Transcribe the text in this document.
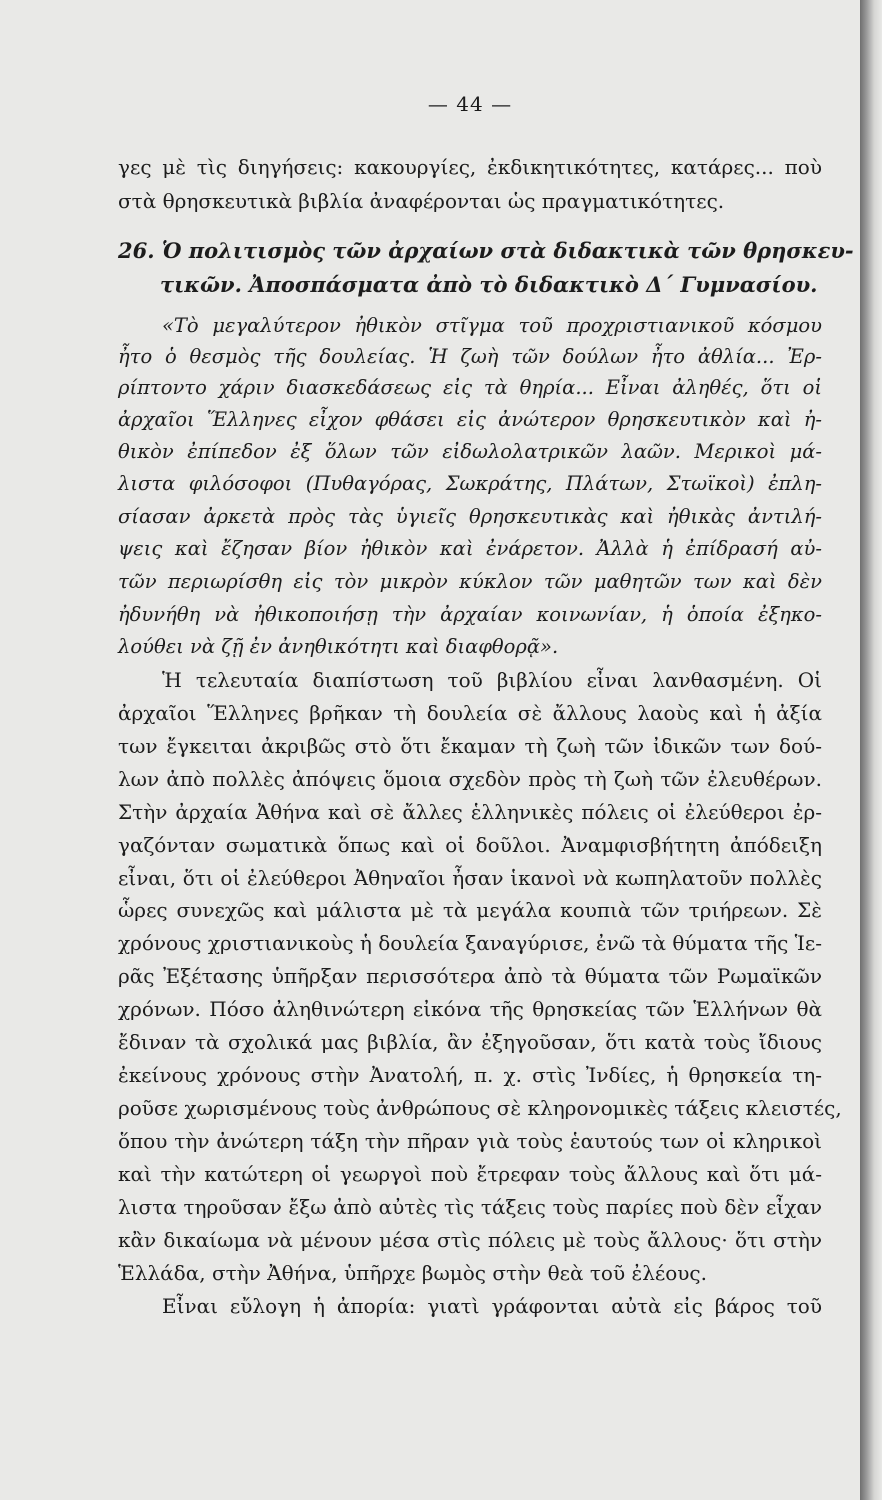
— 44 —
γες μὲ τὶς διηγήσεις: κακουργίες, ἐκδικητικότητες, κατάρες... ποὺ
στὰ θρησκευτικὰ βιβλία ἀναφέρονται ὡς πραγματικότητες.
26. Ὁ πολιτισμὸς τῶν ἀρχαίων στὰ διδακτικὰ τῶν θρησκευ-
τικῶν. Ἀποσπάσματα ἀπὸ τὸ διδακτικὸ Δ΄ Γυμνασίου.
«Τὸ μεγαλύτερον ἠθικὸν στῖγμα τοῦ προχριστιανικοῦ κόσμου
ἦτο ὁ θεσμὸς τῆς δουλείας. Ἡ ζωὴ τῶν δούλων ἦτο ἀθλία... Ἐρ-
ρίπτοντο χάριν διασκεδάσεως εἰς τὰ θηρία... Εἶναι ἀληθές, ὅτι οἱ
ἀρχαῖοι Ἕλληνες εἶχον φθάσει εἰς ἀνώτερον θρησκευτικὸν καὶ ἠ-
θικὸν ἐπίπεδον ἐξ ὅλων τῶν εἰδωλολατρικῶν λαῶν. Μερικοὶ μά-
λιστα φιλόσοφοι (Πυθαγόρας, Σωκράτης, Πλάτων, Στωϊκοὶ) ἐπλη-
σίασαν ἀρκετὰ πρὸς τὰς ὑγιεῖς θρησκευτικὰς καὶ ἠθικὰς ἀντιλή-
ψεις καὶ ἔζησαν βίον ἠθικὸν καὶ ἐνάρετον. Ἀλλὰ ἡ ἐπίδρασή αὐ-
τῶν περιωρίσθη εἰς τὸν μικρὸν κύκλον τῶν μαθητῶν των καὶ δὲν
ἠδυνήθη νὰ ἠθικοποιήσῃ τὴν ἀρχαίαν κοινωνίαν, ἡ ὁποία ἐξηκο-
λούθει νὰ ζῇ ἐν ἀνηθικότητι καὶ διαφθορᾷ».
Ἡ τελευταία διαπίστωση τοῦ βιβλίου εἶναι λανθασμένη. Οἱ
ἀρχαῖοι Ἕλληνες βρῆκαν τὴ δουλεία σὲ ἄλλους λαοὺς καὶ ἡ ἀξία
των ἔγκειται ἀκριβῶς στὸ ὅτι ἔκαμαν τὴ ζωὴ τῶν ἰδικῶν των δού-
λων ἀπὸ πολλὲς ἀπόψεις ὅμοια σχεδὸν πρὸς τὴ ζωὴ τῶν ἐλευθέρων.
Στὴν ἀρχαία Ἀθήνα καὶ σὲ ἄλλες ἑλληνικὲς πόλεις οἱ ἐλεύθεροι ἐρ-
γαζόνταν σωματικὰ ὅπως καὶ οἱ δοῦλοι. Ἀναμφισβήτητη ἀπόδειξη
εἶναι, ὅτι οἱ ἐλεύθεροι Ἀθηναῖοι ἦσαν ἱκανοὶ νὰ κωπηλατοῦν πολλὲς
ὧρες συνεχῶς καὶ μάλιστα μὲ τὰ μεγάλα κουπιὰ τῶν τριήρεων. Σὲ
χρόνους χριστιανικοὺς ἡ δουλεία ξαναγύρισε, ἐνῶ τὰ θύματα τῆς Ἱε-
ρᾶς Ἐξέτασης ὑπῆρξαν περισσότερα ἀπὸ τὰ θύματα τῶν Ρωμαϊκῶν
χρόνων. Πόσο ἀληθινώτερη εἰκόνα τῆς θρησκείας τῶν Ἑλλήνων θὰ
ἔδιναν τὰ σχολικά μας βιβλία, ἂν ἐξηγοῦσαν, ὅτι κατὰ τοὺς ἴδιους
ἐκείνους χρόνους στὴν Ἀνατολή, π. χ. στὶς Ἰνδίες, ἡ θρησκεία τη-
ροῦσε χωρισμένους τοὺς ἀνθρώπους σὲ κληρονομικὲς τάξεις κλειστές,
ὅπου τὴν ἀνώτερη τάξη τὴν πῆραν γιὰ τοὺς ἑαυτούς των οἱ κληρικοὶ
καὶ τὴν κατώτερη οἱ γεωργοὶ ποὺ ἔτρεφαν τοὺς ἄλλους καὶ ὅτι μά-
λιστα τηροῦσαν ἔξω ἀπὸ αὐτὲς τὶς τάξεις τοὺς παρίες ποὺ δὲν εἶχαν
κἂν δικαίωμα νὰ μένουν μέσα στὶς πόλεις μὲ τοὺς ἄλλους· ὅτι στὴν
Ἑλλάδα, στὴν Ἀθήνα, ὑπῆρχε βωμὸς στὴν θεὰ τοῦ ἐλέους.
Εἶναι εὔλογη ἡ ἀπορία: γιατὶ γράφονται αὐτὰ εἰς βάρος τοῦ
